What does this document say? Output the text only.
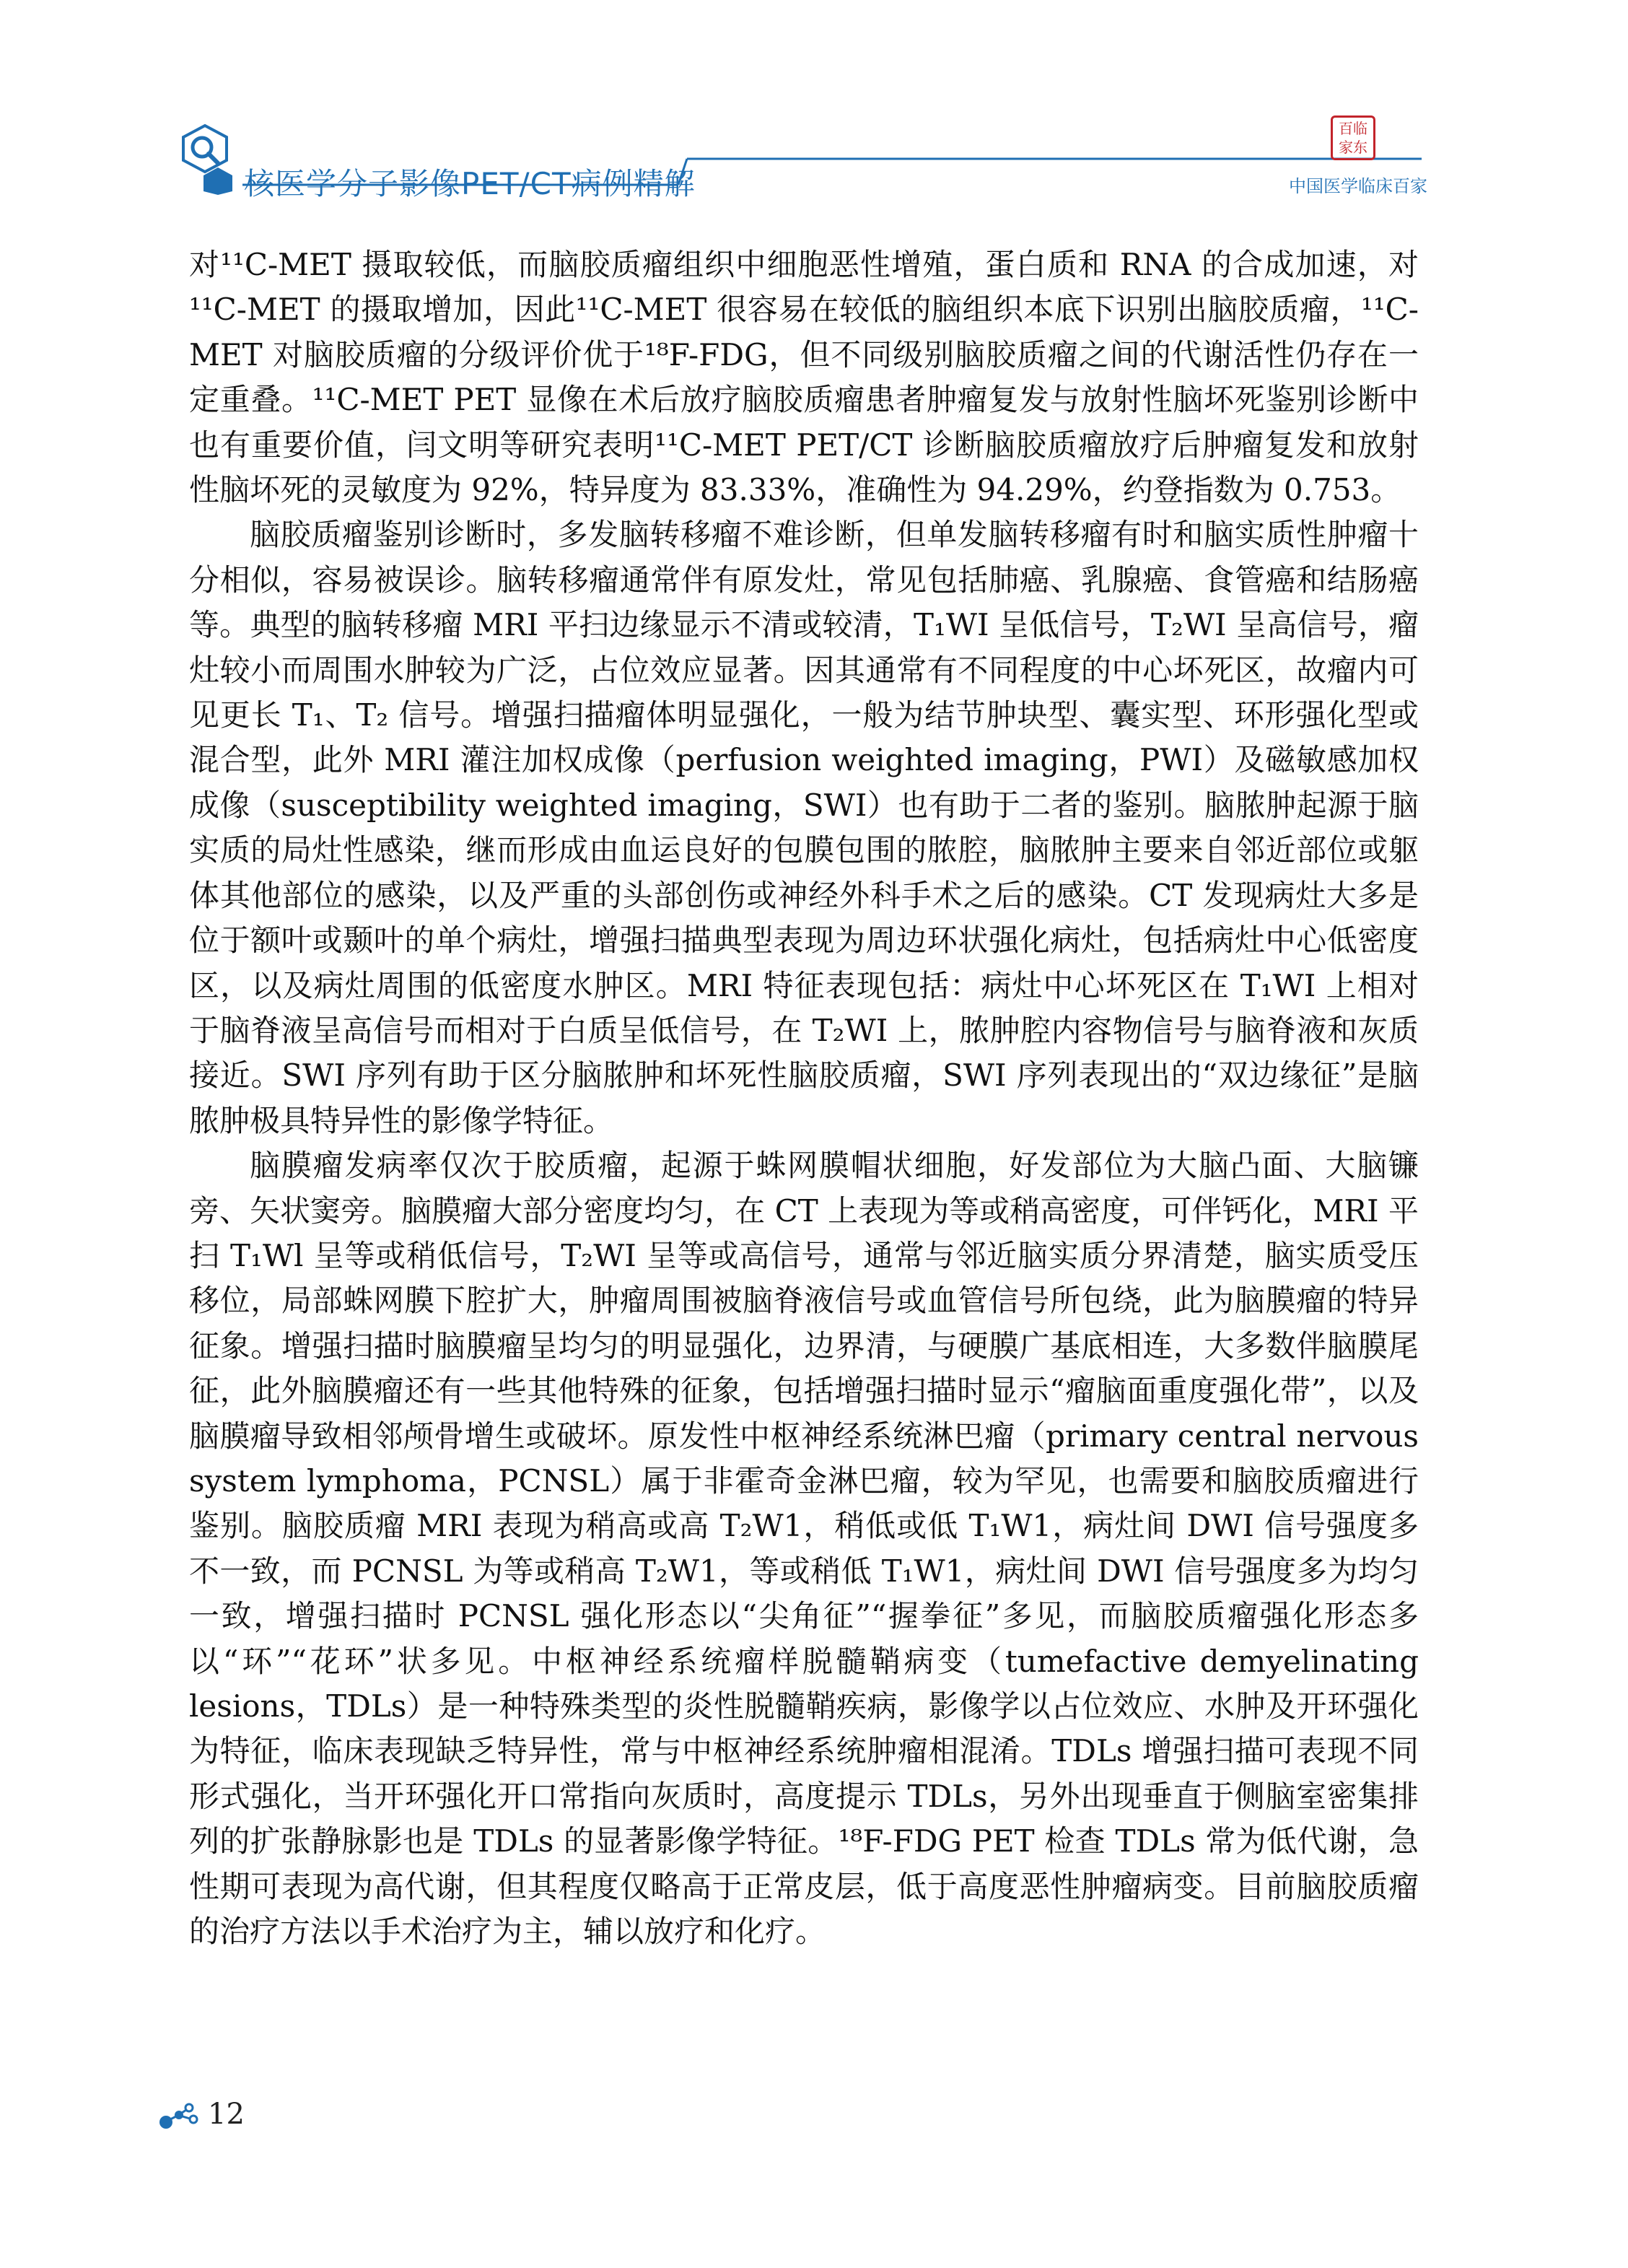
核医学分子影像PET/CT病例精解
百临家东
中国医学临床百家

对¹¹C-MET 摄取较低，而脑胶质瘤组织中细胞恶性增殖，蛋白质和 RNA 的合成加速，对¹¹C-MET 的摄取增加，因此¹¹C-MET 很容易在较低的脑组织本底下识别出脑胶质瘤，¹¹C-MET 对脑胶质瘤的分级评价优于¹⁸F-FDG，但不同级别脑胶质瘤之间的代谢活性仍存在一定重叠。¹¹C-MET PET 显像在术后放疗脑胶质瘤患者肿瘤复发与放射性脑坏死鉴别诊断中也有重要价值，闫文明等研究表明¹¹C-MET PET/CT 诊断脑胶质瘤放疗后肿瘤复发和放射性脑坏死的灵敏度为 92%，特异度为 83.33%，准确性为 94.29%，约登指数为 0.753。

脑胶质瘤鉴别诊断时，多发脑转移瘤不难诊断，但单发脑转移瘤有时和脑实质性肿瘤十分相似，容易被误诊。脑转移瘤通常伴有原发灶，常见包括肺癌、乳腺癌、食管癌和结肠癌等。典型的脑转移瘤 MRI 平扫边缘显示不清或较清，T₁WI 呈低信号，T₂WI 呈高信号，瘤灶较小而周围水肿较为广泛，占位效应显著。因其通常有不同程度的中心坏死区，故瘤内可见更长 T₁、T₂ 信号。增强扫描瘤体明显强化，一般为结节肿块型、囊实型、环形强化型或混合型，此外 MRI 灌注加权成像（perfusion weighted imaging，PWI）及磁敏感加权成像（susceptibility weighted imaging，SWI）也有助于二者的鉴别。脑脓肿起源于脑实质的局灶性感染，继而形成由血运良好的包膜包围的脓腔，脑脓肿主要来自邻近部位或躯体其他部位的感染，以及严重的头部创伤或神经外科手术之后的感染。CT 发现病灶大多是位于额叶或颞叶的单个病灶，增强扫描典型表现为周边环状强化病灶，包括病灶中心低密度区，以及病灶周围的低密度水肿区。MRI 特征表现包括：病灶中心坏死区在 T₁WI 上相对于脑脊液呈高信号而相对于白质呈低信号，在 T₂WI 上，脓肿腔内容物信号与脑脊液和灰质接近。SWI 序列有助于区分脑脓肿和坏死性脑胶质瘤，SWI 序列表现出的“双边缘征”是脑脓肿极具特异性的影像学特征。

脑膜瘤发病率仅次于胶质瘤，起源于蛛网膜帽状细胞，好发部位为大脑凸面、大脑镰旁、矢状窦旁。脑膜瘤大部分密度均匀，在 CT 上表现为等或稍高密度，可伴钙化，MRI 平扫 T₁Wl 呈等或稍低信号，T₂WI 呈等或高信号，通常与邻近脑实质分界清楚，脑实质受压移位，局部蛛网膜下腔扩大，肿瘤周围被脑脊液信号或血管信号所包绕，此为脑膜瘤的特异征象。增强扫描时脑膜瘤呈均匀的明显强化，边界清，与硬膜广基底相连，大多数伴脑膜尾征，此外脑膜瘤还有一些其他特殊的征象，包括增强扫描时显示“瘤脑面重度强化带”，以及脑膜瘤导致相邻颅骨增生或破坏。原发性中枢神经系统淋巴瘤（primary central nervous system lymphoma，PCNSL）属于非霍奇金淋巴瘤，较为罕见，也需要和脑胶质瘤进行鉴别。脑胶质瘤 MRI 表现为稍高或高 T₂W1，稍低或低 T₁W1，病灶间 DWI 信号强度多不一致，而 PCNSL 为等或稍高 T₂W1，等或稍低 T₁W1，病灶间 DWI 信号强度多为均匀一致，增强扫描时 PCNSL 强化形态以“尖角征”“握拳征”多见，而脑胶质瘤强化形态多以“环”“花环”状多见。中枢神经系统瘤样脱髓鞘病变（tumefactive demyelinating lesions，TDLs）是一种特殊类型的炎性脱髓鞘疾病，影像学以占位效应、水肿及开环强化为特征，临床表现缺乏特异性，常与中枢神经系统肿瘤相混淆。TDLs 增强扫描可表现不同形式强化，当开环强化开口常指向灰质时，高度提示 TDLs，另外出现垂直于侧脑室密集排列的扩张静脉影也是 TDLs 的显著影像学特征。¹⁸F-FDG PET 检查 TDLs 常为低代谢，急性期可表现为高代谢，但其程度仅略高于正常皮层，低于高度恶性肿瘤病变。目前脑胶质瘤的治疗方法以手术治疗为主，辅以放疗和化疗。

12
